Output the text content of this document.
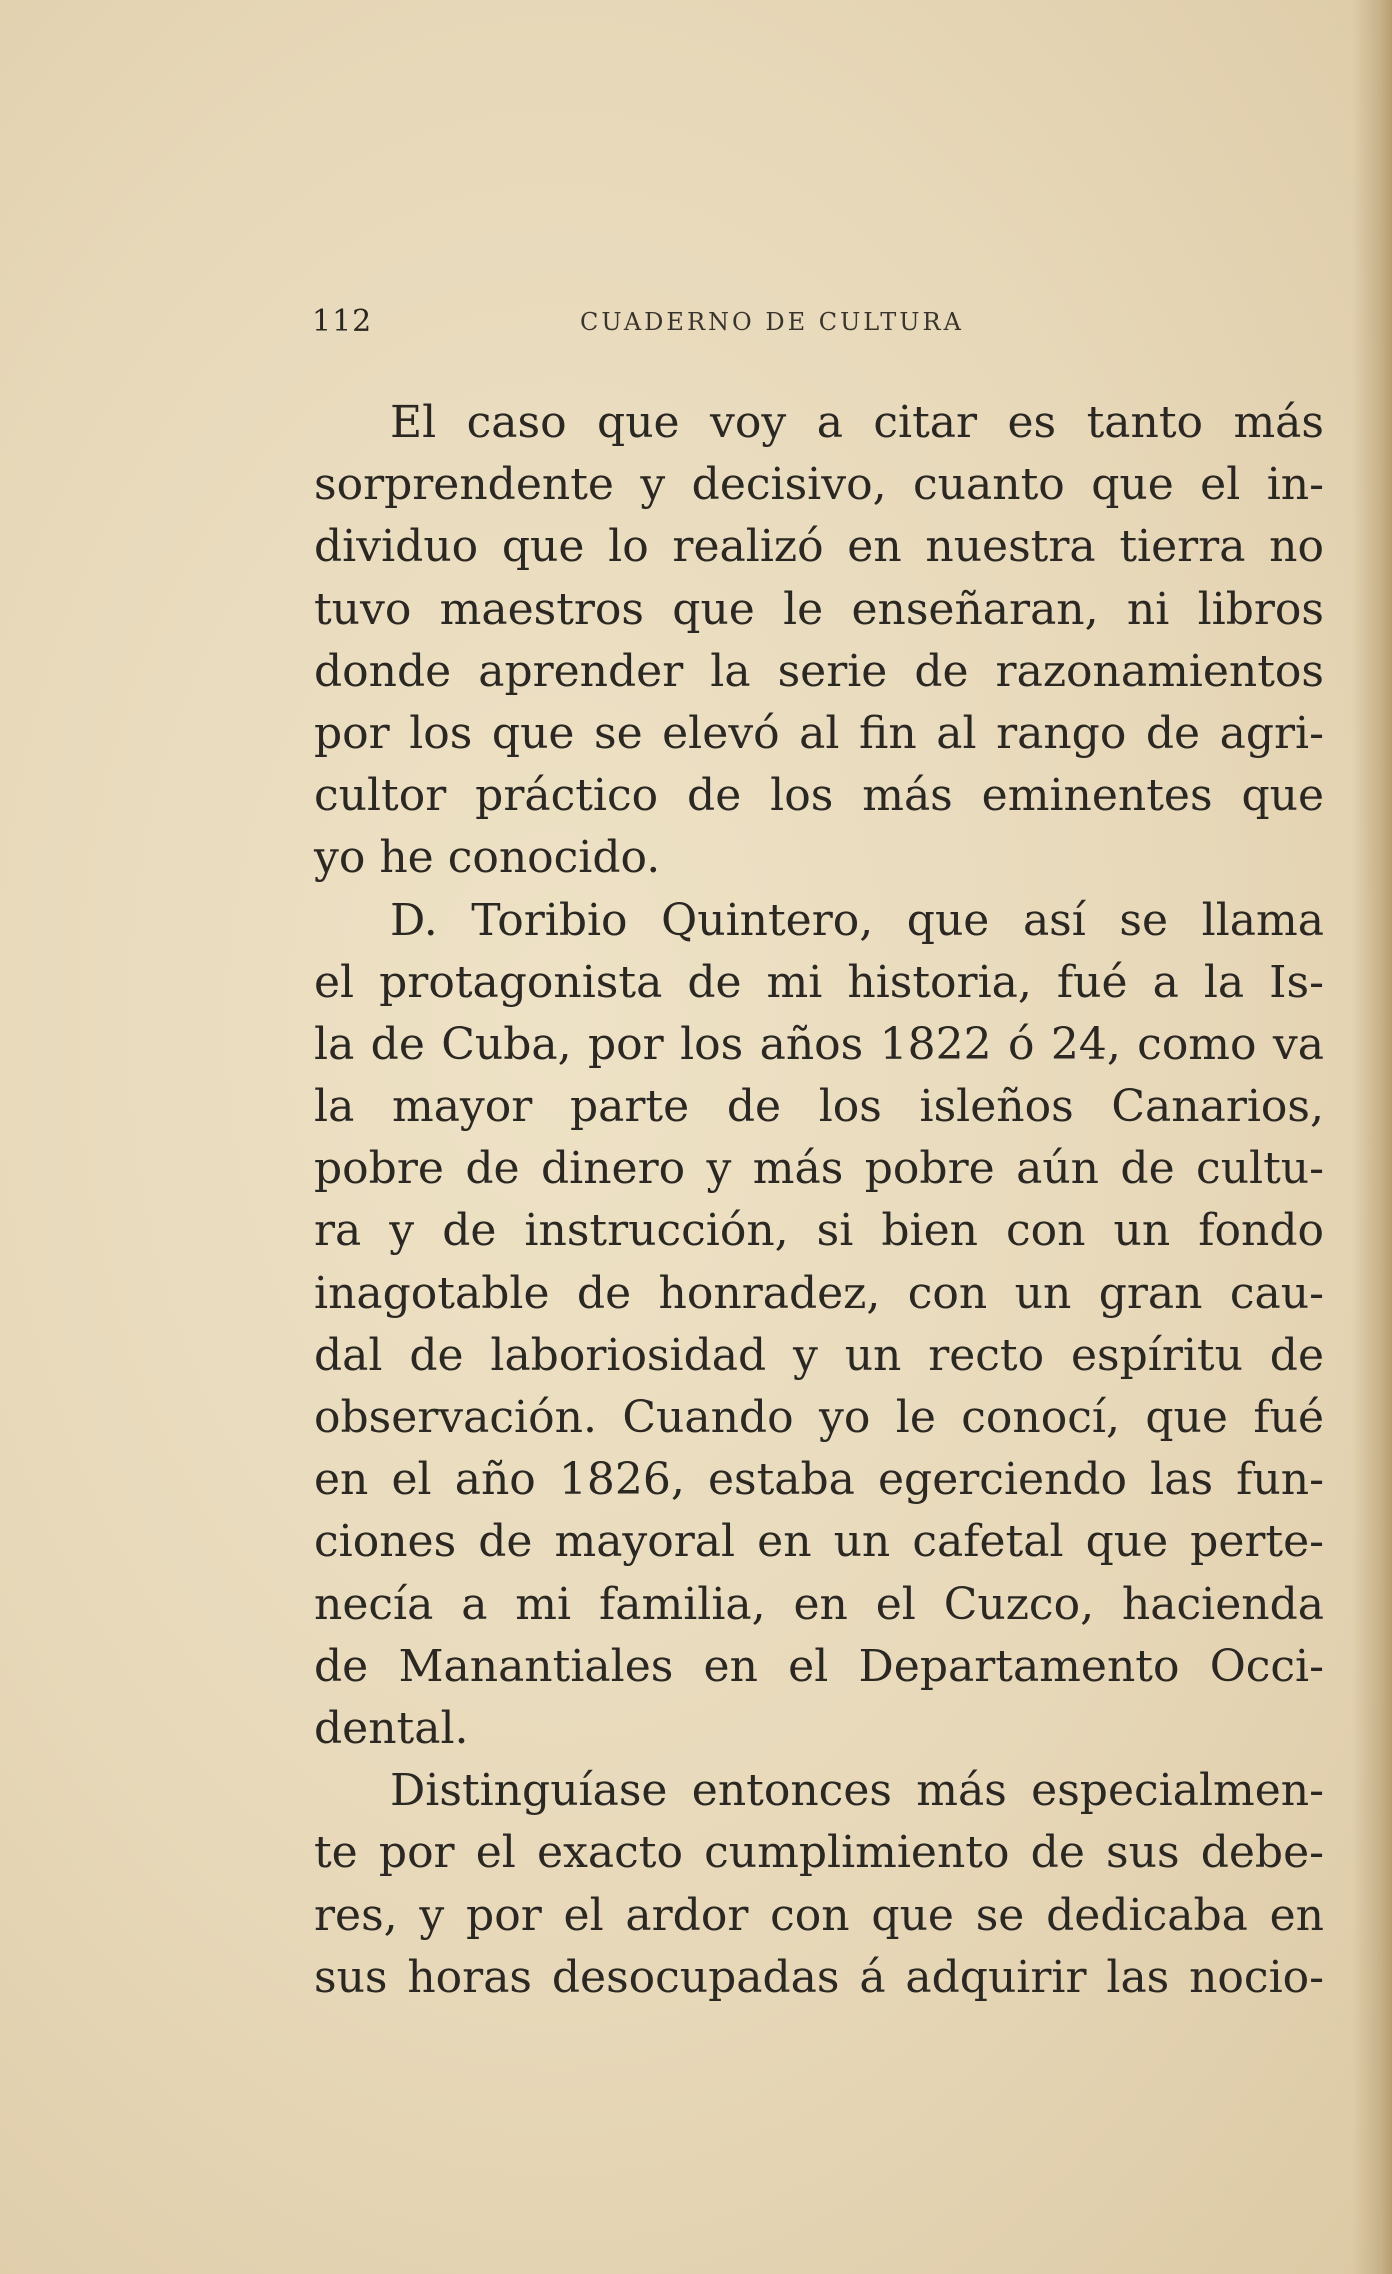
112	CUADERNO DE CULTURA
El caso que voy a citar es tanto más
sorprendente y decisivo, cuanto que el in-
dividuo que lo realizó en nuestra tierra no
tuvo maestros que le enseñaran, ni libros
donde aprender la serie de razonamientos
por los que se elevó al fin al rango de agri-
cultor práctico de los más eminentes que
yo he conocido.
D. Toribio Quintero, que así se llama
el protagonista de mi historia, fué a la Is-
la de Cuba, por los años 1822 ó 24, como va
la mayor parte de los isleños Canarios,
pobre de dinero y más pobre aún de cultu-
ra y de instrucción, si bien con un fondo
inagotable de honradez, con un gran cau-
dal de laboriosidad y un recto espíritu de
observación. Cuando yo le conocí, que fué
en el año 1826, estaba egerciendo las fun-
ciones de mayoral en un cafetal que perte-
necía a mi familia, en el Cuzco, hacienda
de Manantiales en el Departamento Occi-
dental.
Distinguíase entonces más especialmen-
te por el exacto cumplimiento de sus debe-
res, y por el ardor con que se dedicaba en
sus horas desocupadas á adquirir las nocio-
